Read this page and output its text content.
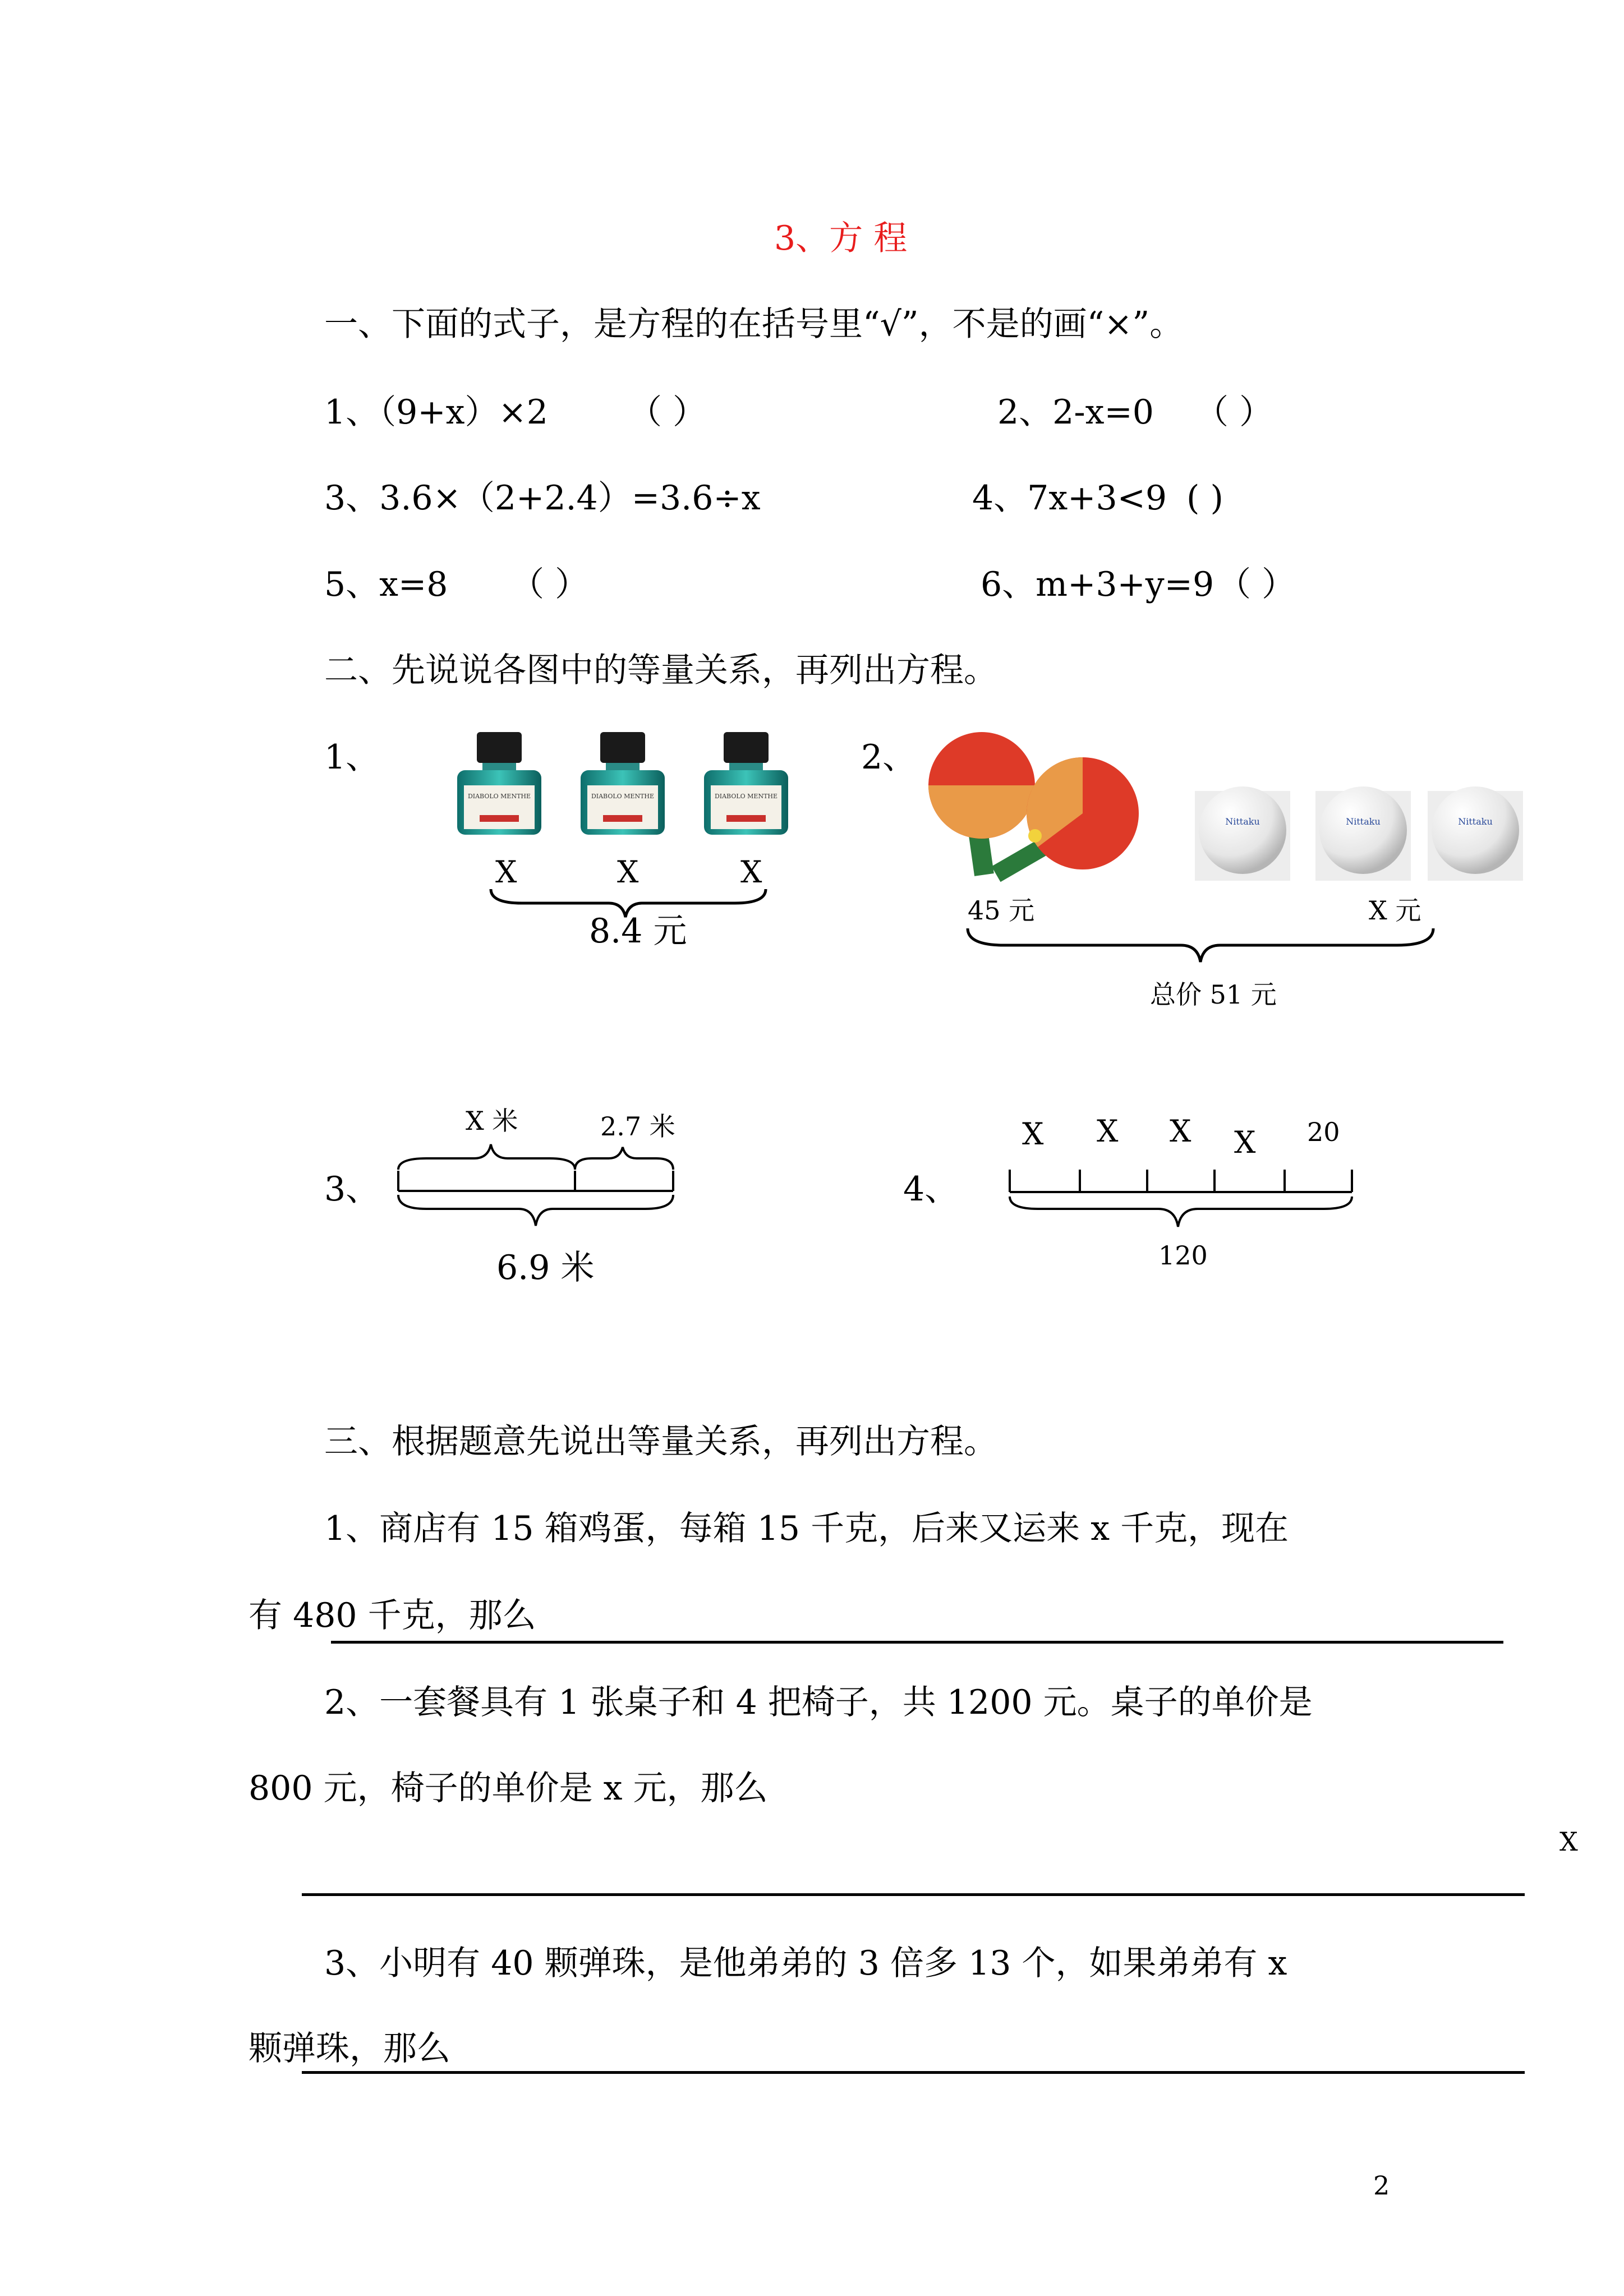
3、方 程
一、下面的式子，是方程的在括号里“√”，不是的画“×”。
1、（9+x）×2 （ ）	2、2-x=0 （ ）
3、3.6×（2+2.4）=3.6÷x	4、7x+3<9 ( )
5、x=8 （ ）	6、m+3+y=9 （ ）
二、先说说各图中的等量关系，再列出方程。
1、
DIABOLO MENTHE	DIABOLO MENTHE	DIABOLO MENTHE
X	X	X
8.4 元
2、
Nittaku	Nittaku	Nittaku
45 元	X 元
总价 51 元
3、
X 米	2.7 米
6.9 米
4、
X X X X 20
120
三、根据题意先说出等量关系，再列出方程。
1、商店有 15 箱鸡蛋，每箱 15 千克，后来又运来 x 千克，现在
有 480 千克，那么
2、一套餐具有 1 张桌子和 4 把椅子，共 1200 元。桌子的单价是
800 元，椅子的单价是 x 元，那么
X
3、小明有 40 颗弹珠，是他弟弟的 3 倍多 13 个，如果弟弟有 x
颗弹珠，那么
2
